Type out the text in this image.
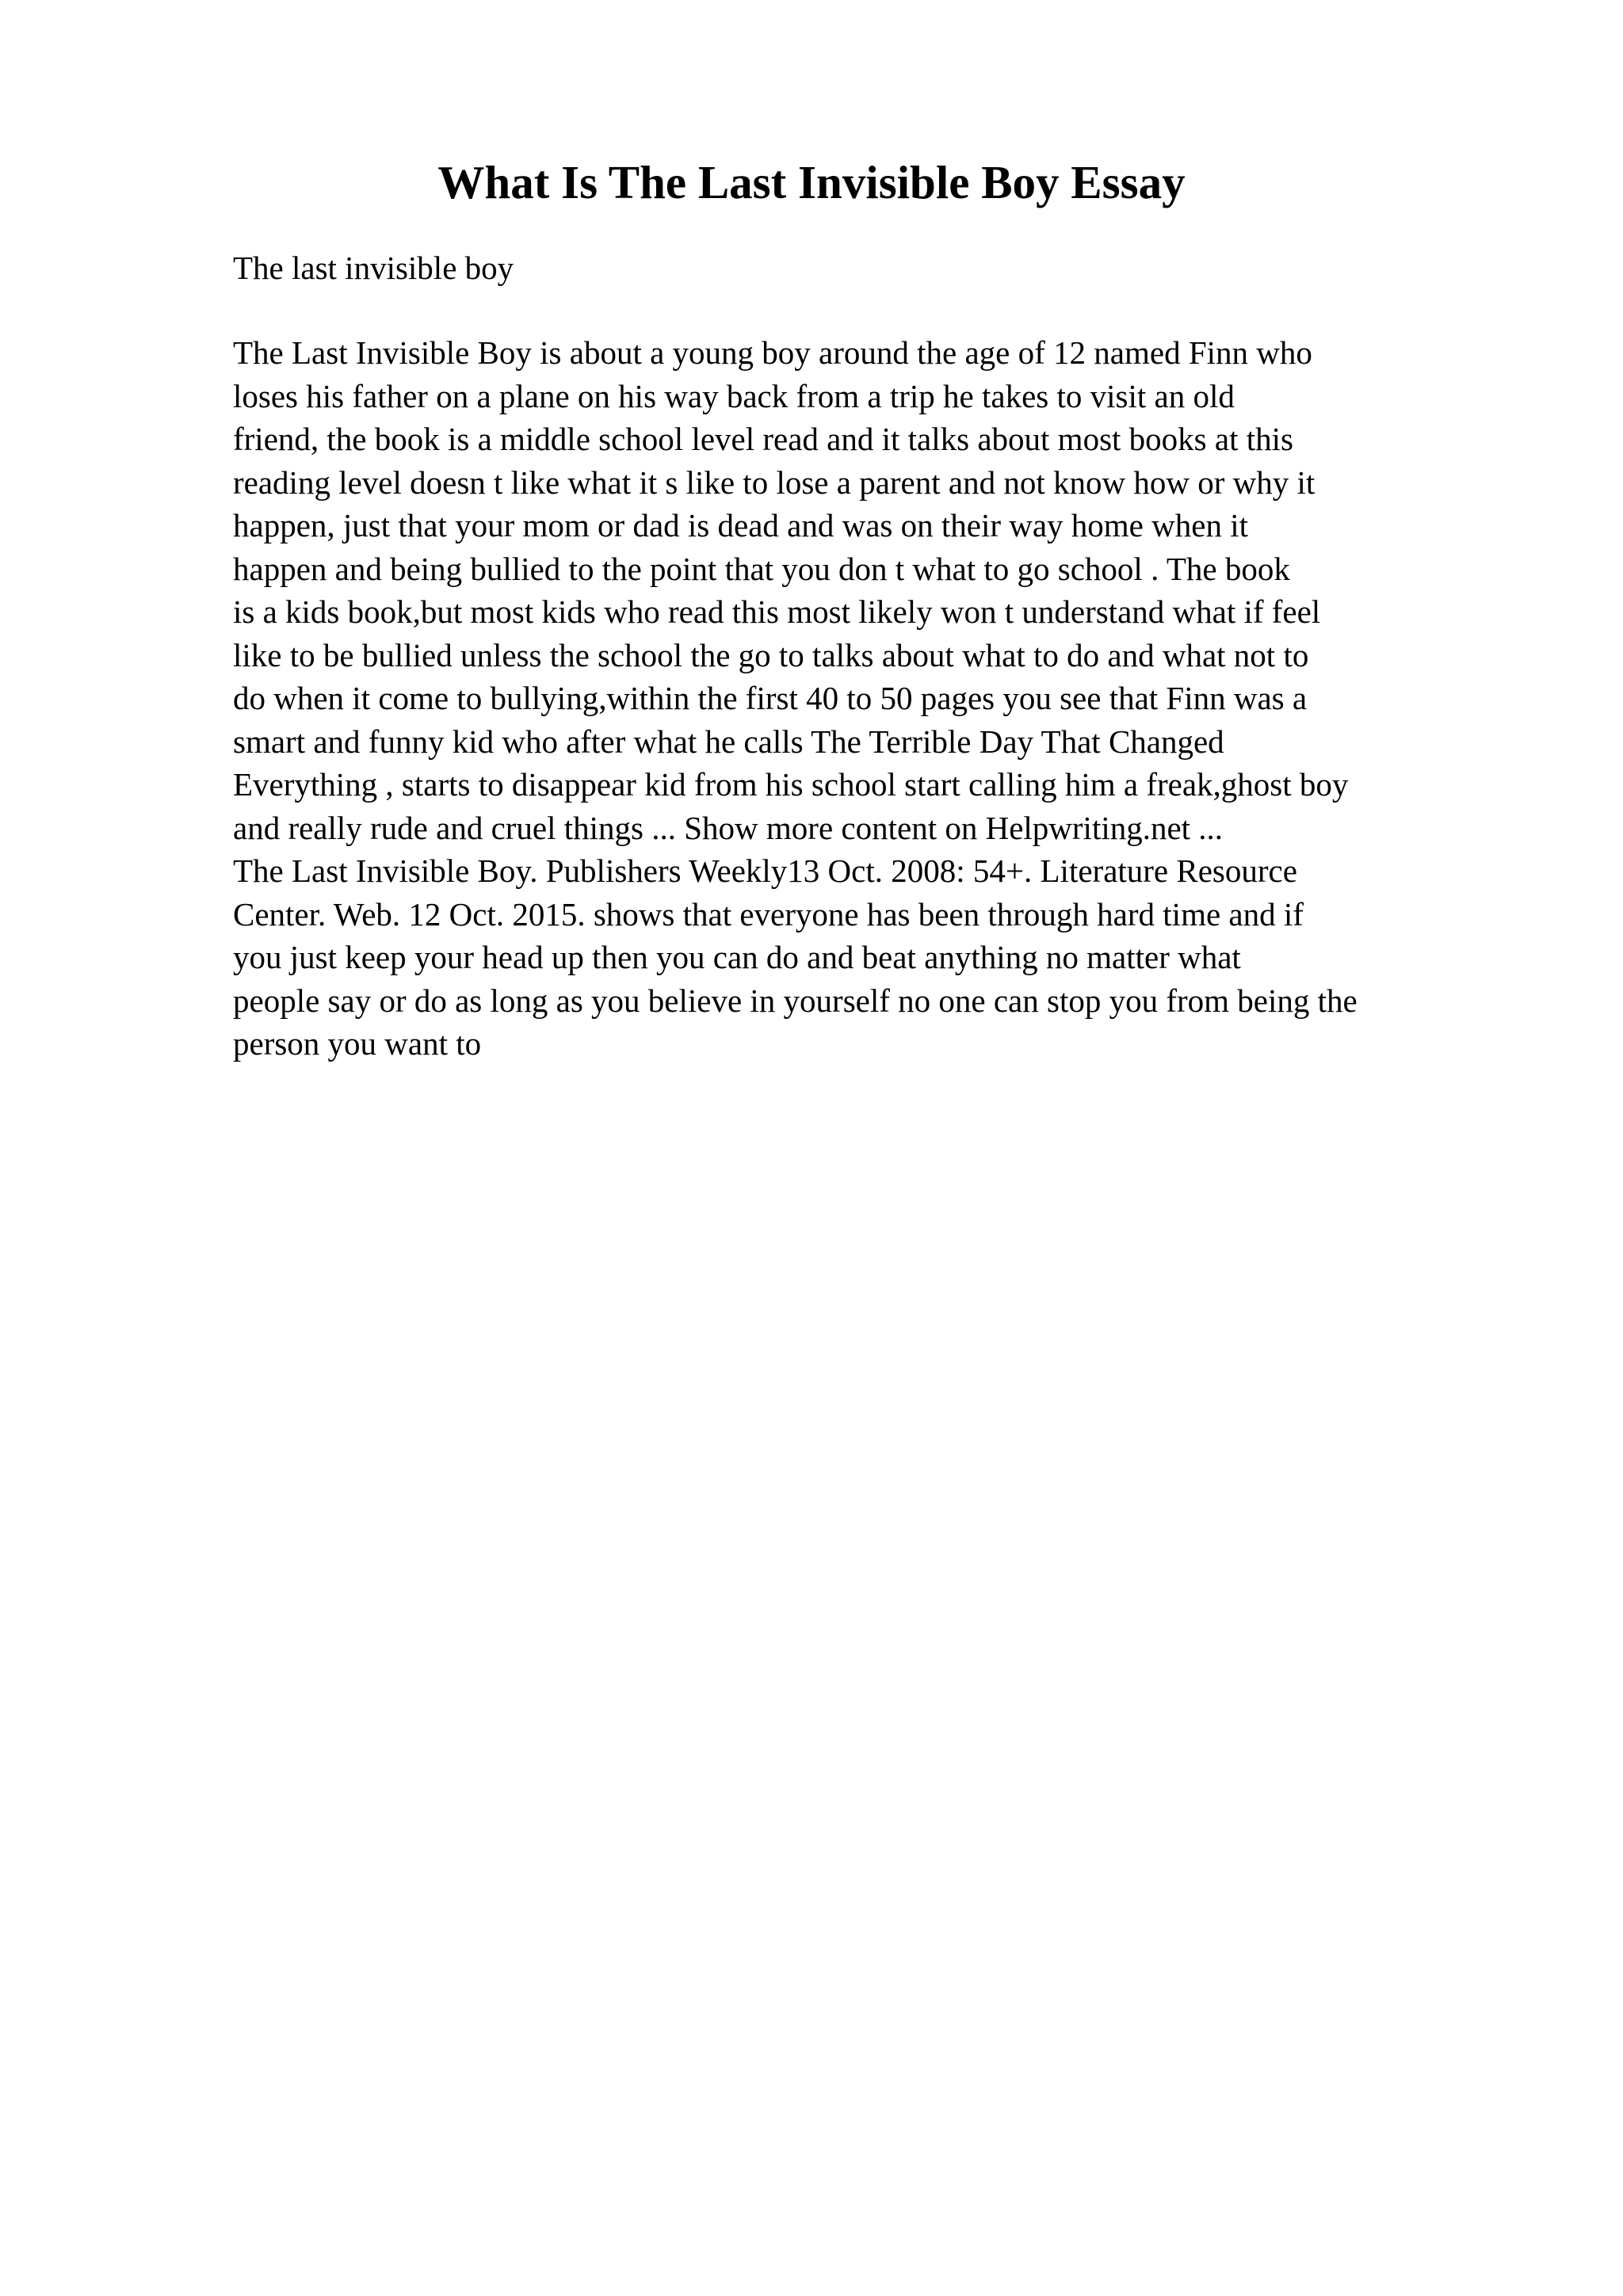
What Is The Last Invisible Boy Essay

The last invisible boy

The Last Invisible Boy is about a young boy around the age of 12 named Finn who
loses his father on a plane on his way back from a trip he takes to visit an old
friend, the book is a middle school level read and it talks about most books at this
reading level doesn t like what it s like to lose a parent and not know how or why it
happen, just that your mom or dad is dead and was on their way home when it
happen and being bullied to the point that you don t what to go school . The book
is a kids book,but most kids who read this most likely won t understand what if feel
like to be bullied unless the school the go to talks about what to do and what not to
do when it come to bullying,within the first 40 to 50 pages you see that Finn was a
smart and funny kid who after what he calls The Terrible Day That Changed
Everything , starts to disappear kid from his school start calling him a freak,ghost boy
and really rude and cruel things ... Show more content on Helpwriting.net ...
The Last Invisible Boy. Publishers Weekly13 Oct. 2008: 54+. Literature Resource
Center. Web. 12 Oct. 2015. shows that everyone has been through hard time and if
you just keep your head up then you can do and beat anything no matter what
people say or do as long as you believe in yourself no one can stop you from being the
person you want to
